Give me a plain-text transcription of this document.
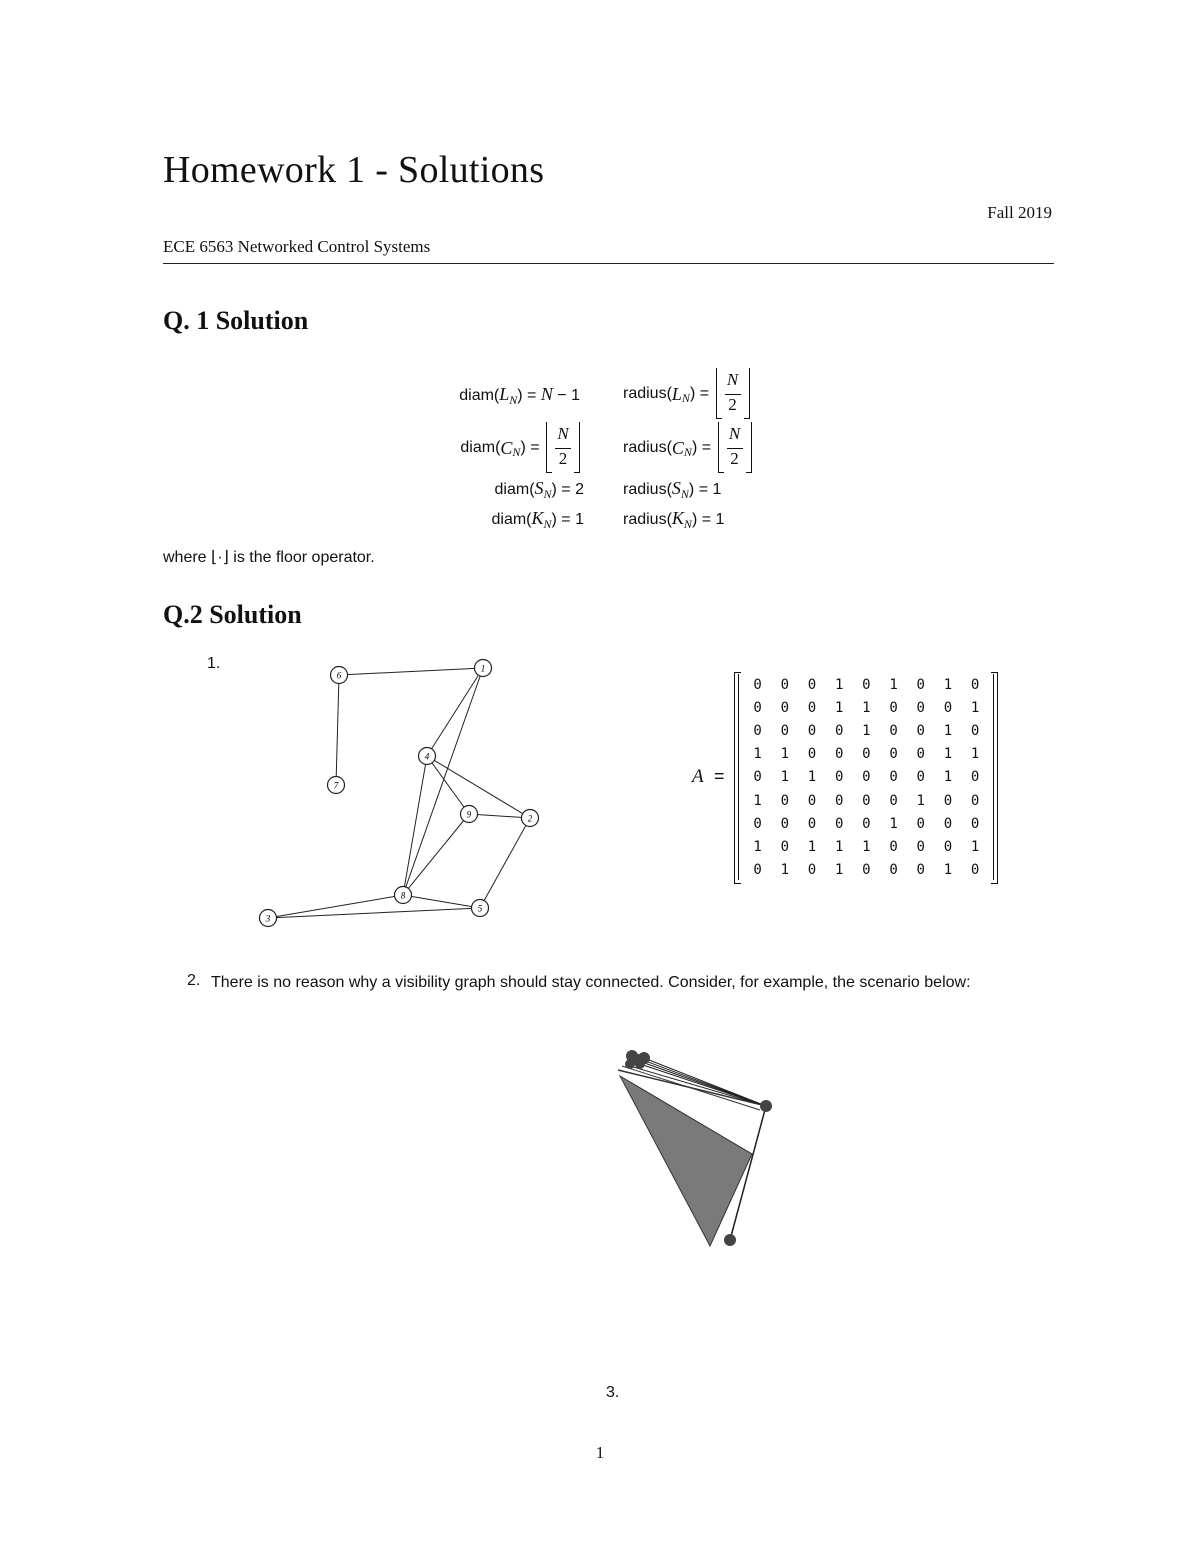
Homework 1 - Solutions
Fall 2019
ECE 6563 Networked Control Systems
Q. 1 Solution
$diam(L_N) = N - 1$	radius ( L N ) = $\frac{N}{2}$
diam ( C N ) = $\frac{N}{2}$	radius ( C N ) = $\frac{N}{2}$
$diam(S_N) = 2$ $radius(S_N) = 1$
$diam(K_N) = 1$ $radius(K_N) = 1$
where ⌊·⌋ is the floor operator.
Q.2 Solution
1.	1
2
3
4
5
6
7
8
9
A =
0	0	0	1	0	1	0	1	0
0	0	0	1	1	0	0	0	1
0	0	0	0	1	0	0	1	0
1	1	0	0	0	0	0	1	1
0	1	1	0	0	0	0	1	0
1	0	0	0	0	0	1	0	0
0	0	0	0	0	1	0	0	0
1	0	1	1	1	0	0	0	1
0	1	0	1	0	0	0	1	0
2. There is no reason why a visibility graph should stay connected. Consider, for example, the scenario below:
3.
1
